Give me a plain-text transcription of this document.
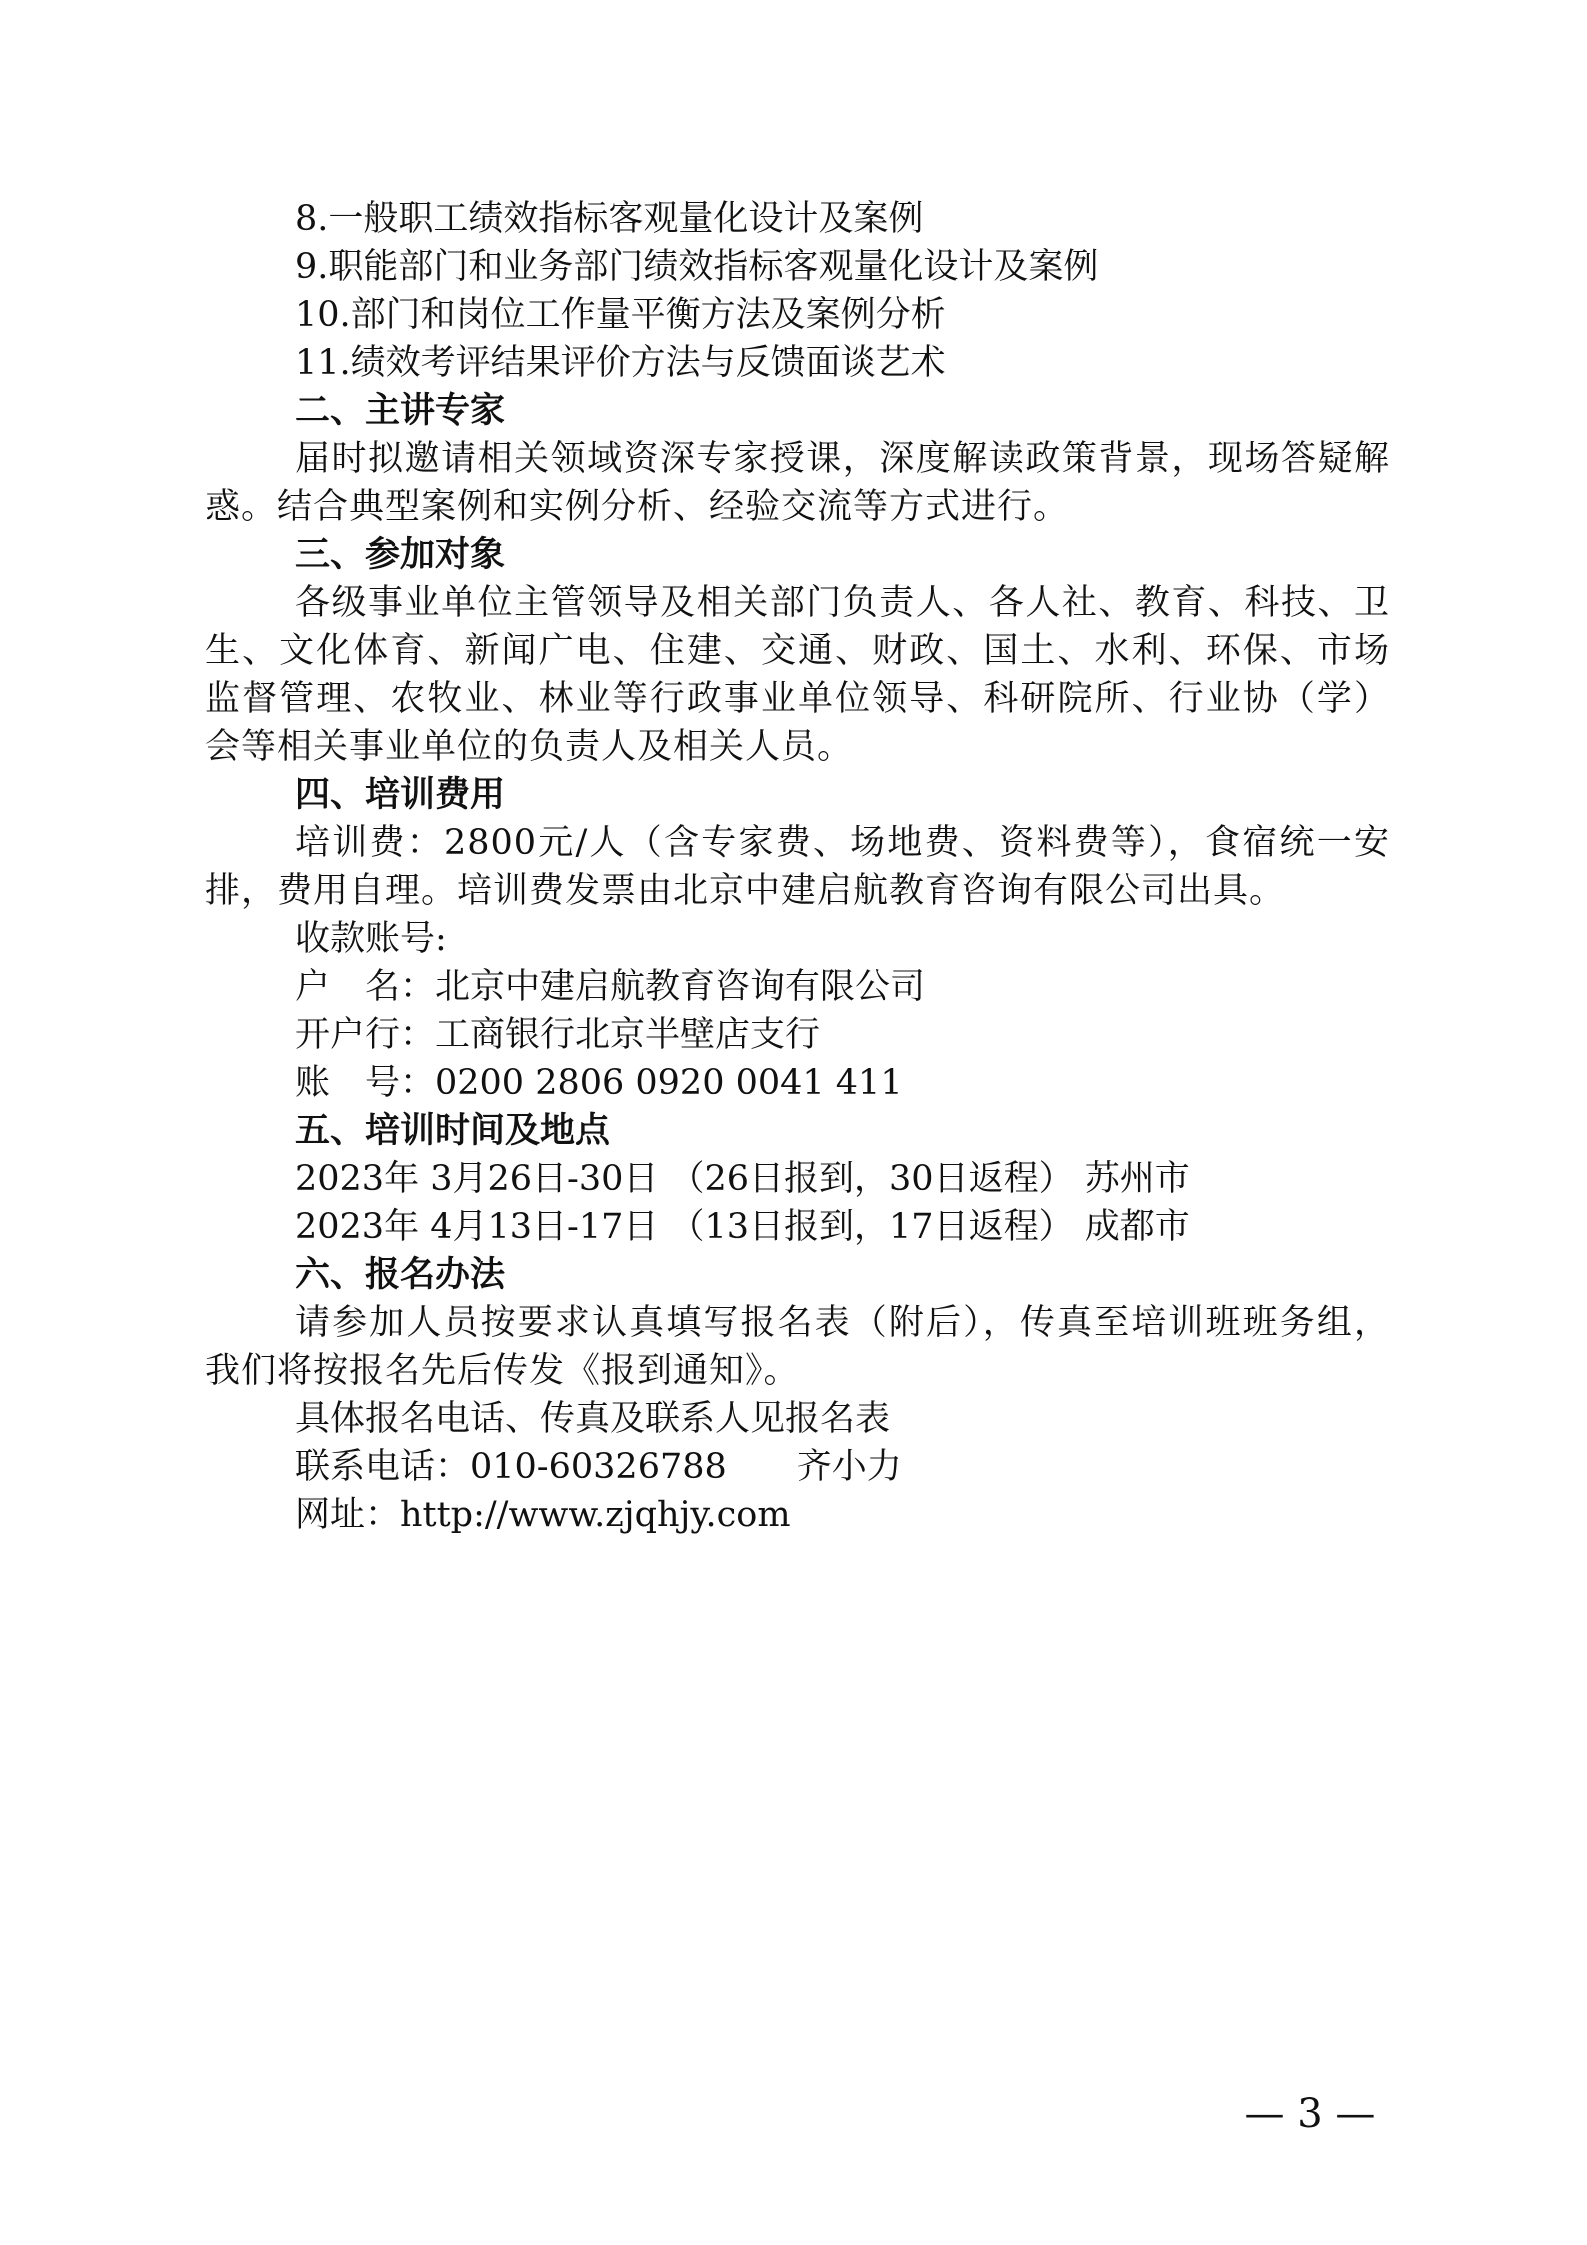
8.一般职工绩效指标客观量化设计及案例

9.职能部门和业务部门绩效指标客观量化设计及案例

10.部门和岗位工作量平衡方法及案例分析

11.绩效考评结果评价方法与反馈面谈艺术

二、主讲专家

届时拟邀请相关领域资深专家授课，深度解读政策背景，现场答疑解惑。结合典型案例和实例分析、经验交流等方式进行。

三、参加对象

各级事业单位主管领导及相关部门负责人、各人社、教育、科技、卫生、文化体育、新闻广电、住建、交通、财政、国土、水利、环保、市场监督管理、农牧业、林业等行政事业单位领导、科研院所、行业协（学）会等相关事业单位的负责人及相关人员。

四、培训费用

培训费：2800元/人（含专家费、场地费、资料费等），食宿统一安排，费用自理。培训费发票由北京中建启航教育咨询有限公司出具。

收款账号:

户　名：北京中建启航教育咨询有限公司

开户行：工商银行北京半壁店支行

账　号：0200 2806 0920 0041 411

五、培训时间及地点

2023年 3月26日-30日 （26日报到，30日返程） 苏州市

2023年 4月13日-17日 （13日报到，17日返程） 成都市

六、报名办法

请参加人员按要求认真填写报名表（附后），传真至培训班班务组，我们将按报名先后传发《报到通知》。

具体报名电话、传真及联系人见报名表

联系电话：010-60326788　　齐小力

网址：http://www.zjqhjy.com

— 3 —
